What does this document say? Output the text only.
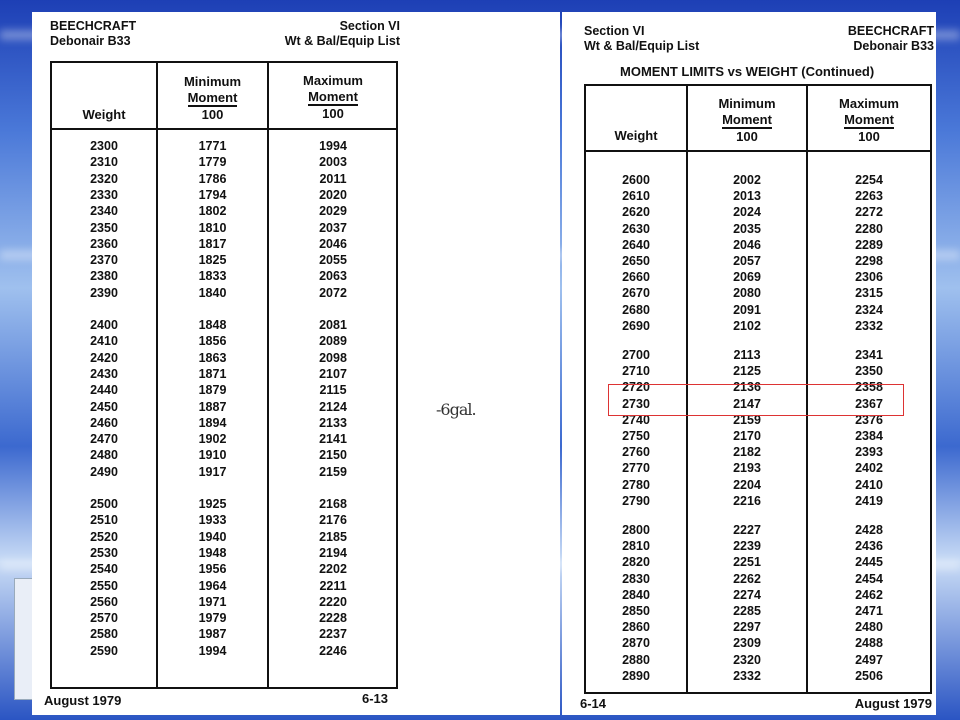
BEECHCRAFT
Debonair B33
Section VI
Wt & Bal/Equip List
Weight
Minimum
Moment
100
Maximum
Moment
100
2300	1771	1994
2310	1779	2003
2320	1786	2011
2330	1794	2020
2340	1802	2029
2350	1810	2037
2360	1817	2046
2370	1825	2055
2380	1833	2063
2390	1840	2072
2400	1848	2081
2410	1856	2089
2420	1863	2098
2430	1871	2107
2440	1879	2115
2450	1887	2124
2460	1894	2133
2470	1902	2141
2480	1910	2150
2490	1917	2159
2500	1925	2168
2510	1933	2176
2520	1940	2185
2530	1948	2194
2540	1956	2202
2550	1964	2211
2560	1971	2220
2570	1979	2228
2580	1987	2237
2590	1994	2246
August 1979	6-13
Section VI
Wt & Bal/Equip List
BEECHCRAFT
Debonair B33
MOMENT LIMITS vs WEIGHT (Continued)
Weight
Minimum
Moment
100
Maximum
Moment
100
2600	2002	2254
2610	2013	2263
2620	2024	2272
2630	2035	2280
2640	2046	2289
2650	2057	2298
2660	2069	2306
2670	2080	2315
2680	2091	2324
2690	2102	2332
2700	2113	2341
2710	2125	2350
2720	2136	2358
2730	2147	2367
2740	2159	2376
2750	2170	2384
2760	2182	2393
2770	2193	2402
2780	2204	2410
2790	2216	2419
2800	2227	2428
2810	2239	2436
2820	2251	2445
2830	2262	2454
2840	2274	2462
2850	2285	2471
2860	2297	2480
2870	2309	2488
2880	2320	2497
2890	2332	2506
6-14	August 1979
-6gal.
